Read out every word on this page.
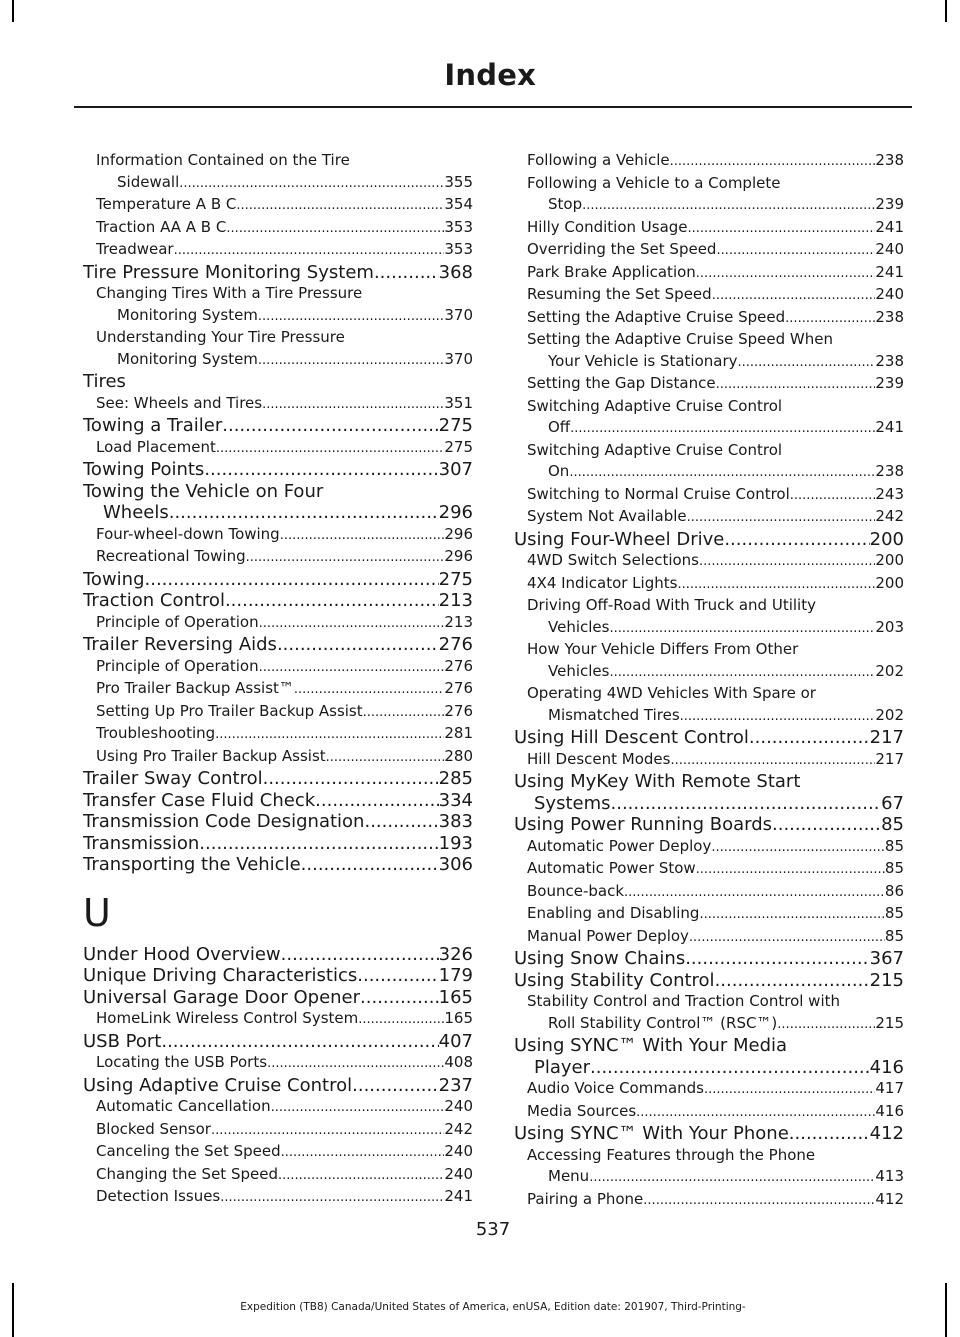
Index
Information Contained on the Tire
Sidewall .....	355
Temperature A B C .....	354
Traction AA A B C .....	353
Treadwear .....	353
Tire Pressure Monitoring System .....	368
Changing Tires With a Tire Pressure
Monitoring System .....	370
Understanding Your Tire Pressure
Monitoring System .....	370
Tires
See: Wheels and Tires .....	351
Towing a Trailer .....	275
Load Placement .....	275
Towing Points .....	307
Towing the Vehicle on Four
Wheels .....	296
Four-wheel-down Towing .....	296
Recreational Towing .....	296
Towing .....	275
Traction Control .....	213
Principle of Operation .....	213
Trailer Reversing Aids .....	276
Principle of Operation .....	276
Pro Trailer Backup Assist™ .....	276
Setting Up Pro Trailer Backup Assist .....	276
Troubleshooting .....	281
Using Pro Trailer Backup Assist .....	280
Trailer Sway Control .....	285
Transfer Case Fluid Check .....	334
Transmission Code Designation .....	383
Transmission .....	193
Transporting the Vehicle .....	306
U
Under Hood Overview .....	326
Unique Driving Characteristics .....	179
Universal Garage Door Opener .....	165
HomeLink Wireless Control System .....	165
USB Port .....	407
Locating the USB Ports .....	408
Using Adaptive Cruise Control .....	237
Automatic Cancellation .....	240
Blocked Sensor .....	242
Canceling the Set Speed .....	240
Changing the Set Speed .....	240
Detection Issues .....	241
Following a Vehicle .....	238
Following a Vehicle to a Complete
Stop .....	239
Hilly Condition Usage .....	241
Overriding the Set Speed .....	240
Park Brake Application .....	241
Resuming the Set Speed .....	240
Setting the Adaptive Cruise Speed .....	238
Setting the Adaptive Cruise Speed When
Your Vehicle is Stationary .....	238
Setting the Gap Distance .....	239
Switching Adaptive Cruise Control
Off .....	241
Switching Adaptive Cruise Control
On .....	238
Switching to Normal Cruise Control .....	243
System Not Available .....	242
Using Four-Wheel Drive .....	200
4WD Switch Selections .....	200
4X4 Indicator Lights .....	200
Driving Off-Road With Truck and Utility
Vehicles .....	203
How Your Vehicle Differs From Other
Vehicles .....	202
Operating 4WD Vehicles With Spare or
Mismatched Tires .....	202
Using Hill Descent Control .....	217
Hill Descent Modes .....	217
Using MyKey With Remote Start
Systems .....	67
Using Power Running Boards .....	85
Automatic Power Deploy .....	85
Automatic Power Stow .....	85
Bounce-back .....	86
Enabling and Disabling .....	85
Manual Power Deploy .....	85
Using Snow Chains .....	367
Using Stability Control .....	215
Stability Control and Traction Control with
Roll Stability Control™ (RSC™) .....	215
Using SYNC™ With Your Media
Player .....	416
Audio Voice Commands .....	417
Media Sources .....	416
Using SYNC™ With Your Phone .....	412
Accessing Features through the Phone
Menu .....	413
Pairing a Phone .....	412
537
Expedition (TB8) Canada/United States of America, enUSA, Edition date: 201907, Third-Printing-
